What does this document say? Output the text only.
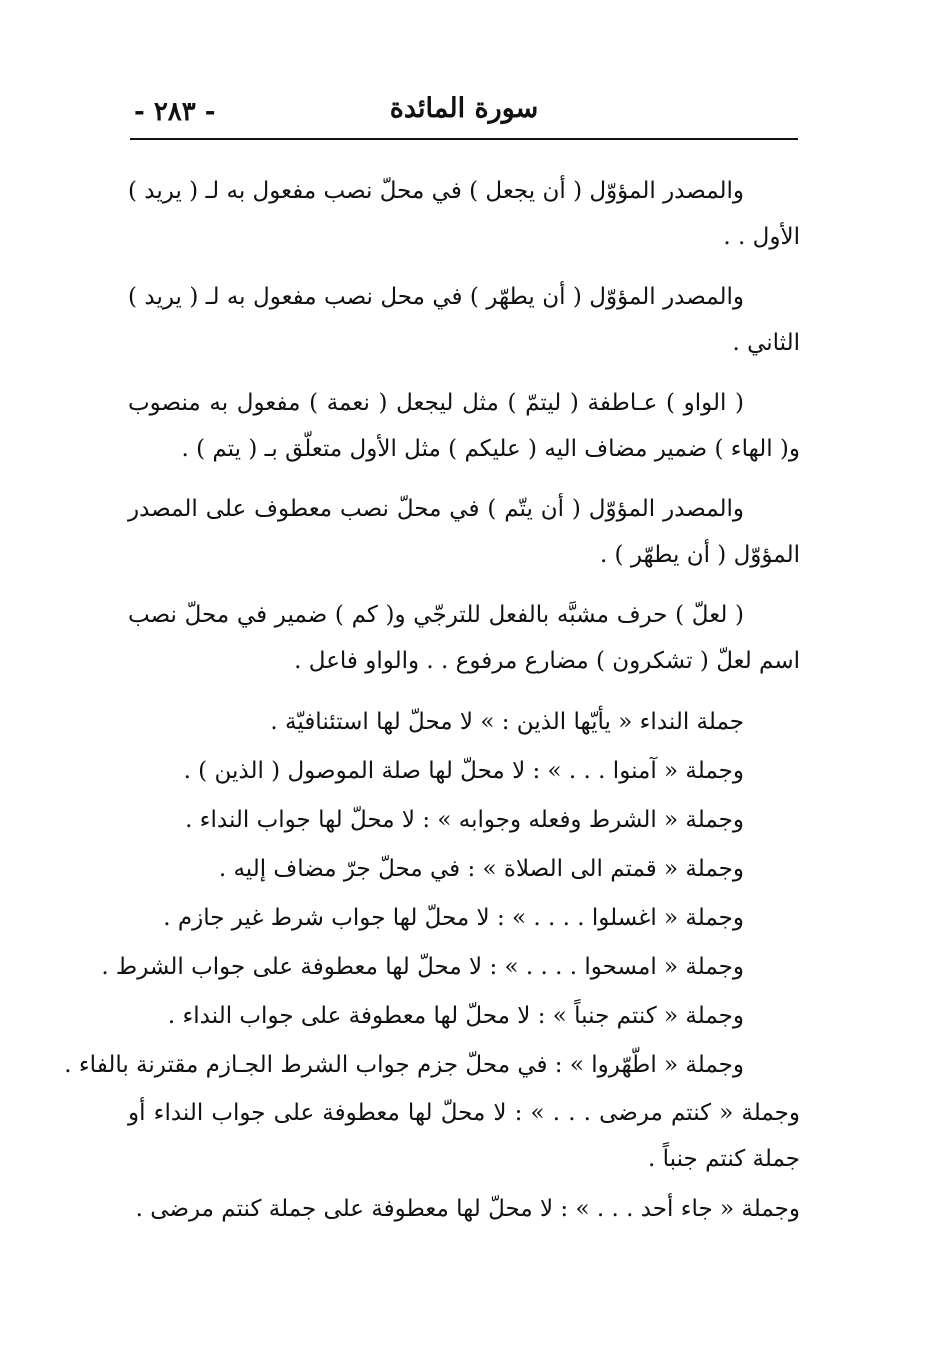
سورة المائدة
- ٢٨٣ -

والمصدر المؤوّل ( أن يجعل ) في محلّ نصب مفعول به لـ ( يريد ) الأول . .

والمصدر المؤوّل ( أن يطهّر ) في محل نصب مفعول به لـ ( يريد ) الثاني .

( الواو ) عـاطفة ( ليتمّ ) مثل ليجعل ( نعمة ) مفعول به منصوب و( الهاء ) ضمير مضاف اليه ( عليكم ) مثل الأول متعلّق بـ ( يتم ) .

والمصدر المؤوّل ( أن يتّم ) في محلّ نصب معطوف على المصدر المؤوّل ( أن يطهّر ) .

( لعلّ ) حرف مشبَّه بالفعل للترجّي و( كم ) ضمير في محلّ نصب اسم لعلّ ( تشكرون ) مضارع مرفوع . . والواو فاعل .

جملة النداء « يأيّها الذين : » لا محلّ لها استئنافيّة .

وجملة « آمنوا . . . » : لا محلّ لها صلة الموصول ( الذين ) .

وجملة « الشرط وفعله وجوابه » : لا محلّ لها جواب النداء .

وجملة « قمتم الى الصلاة » : في محلّ جرّ مضاف إليه .

وجملة « اغسلوا . . . . » : لا محلّ لها جواب شرط غير جازم .

وجملة « امسحوا . . . . » : لا محلّ لها معطوفة على جواب الشرط .

وجملة « كنتم جنباً » : لا محلّ لها معطوفة على جواب النداء .

وجملة « اطّهّروا » : في محلّ جزم جواب الشرط الجـازم مقترنة بالفاء .

وجملة « كنتم مرضى . . . » : لا محلّ لها معطوفة على جواب النداء أو جملة كنتم جنباً .

وجملة « جاء أحد . . . » : لا محلّ لها معطوفة على جملة كنتم مرضى .
